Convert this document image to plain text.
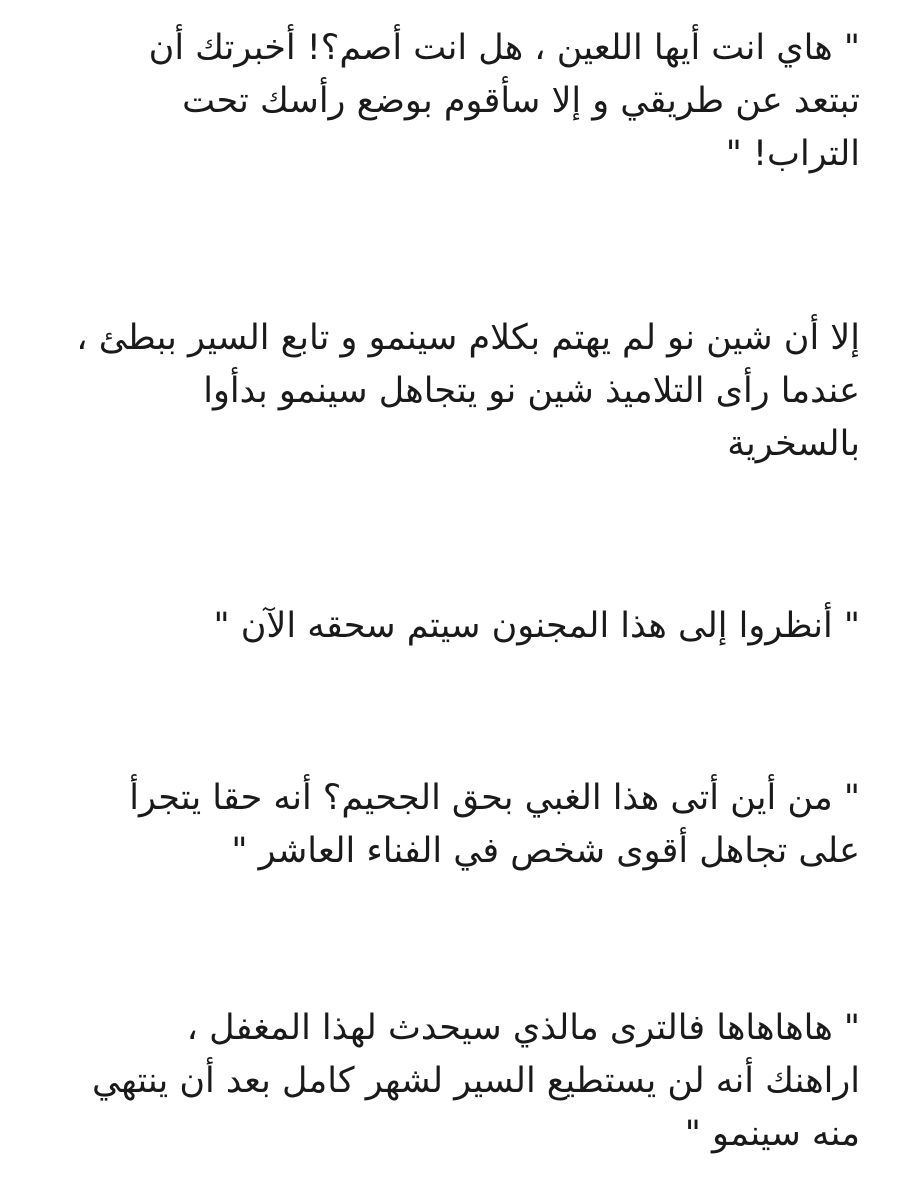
" هاي انت أيها اللعين ، هل انت أصم؟! أخبرتك أن
تبتعد عن طريقي و إلا سأقوم بوضع رأسك تحت
التراب! "

إلا أن شين نو لم يهتم بكلام سينمو و تابع السير ببطئ ،
عندما رأى التلاميذ شين نو يتجاهل سينمو بدأوا
بالسخرية

" أنظروا إلى هذا المجنون سيتم سحقه الآن "

" من أين أتى هذا الغبي بحق الجحيم؟ أنه حقا يتجرأ
على تجاهل أقوى شخص في الفناء العاشر "

" هاهاهاها فالترى مالذي سيحدث لهذا المغفل ،
اراهنك أنه لن يستطيع السير لشهر كامل بعد أن ينتهي
منه سينمو "
